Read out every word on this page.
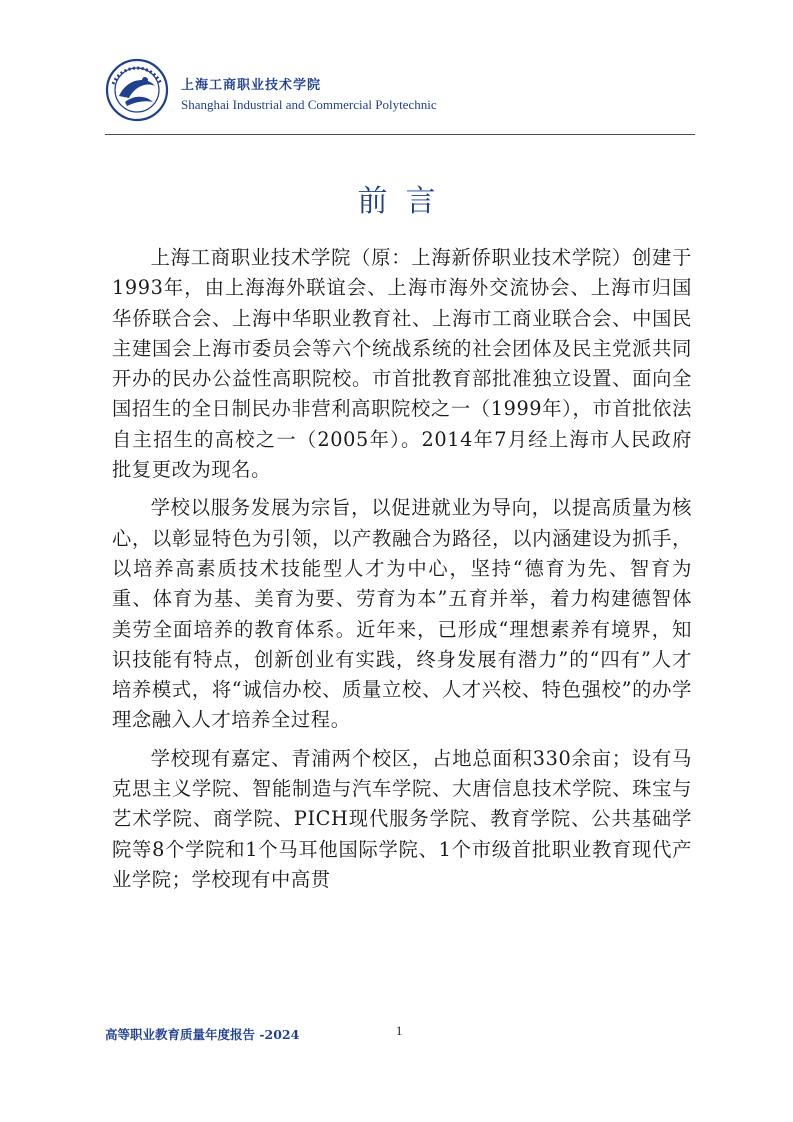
上海工商职业技术学院
Shanghai Industrial and Commercial Polytechnic
前言

上海工商职业技术学院（原：上海新侨职业技术学院）创建于1993年，由上海海外联谊会、上海市海外交流协会、上海市归国华侨联合会、上海中华职业教育社、上海市工商业联合会、中国民主建国会上海市委员会等六个统战系统的社会团体及民主党派共同开办的民办公益性高职院校。市首批教育部批准独立设置、面向全国招生的全日制民办非营利高职院校之一（1999年），市首批依法自主招生的高校之一（2005年）。2014年7月经上海市人民政府批复更改为现名。

学校以服务发展为宗旨，以促进就业为导向，以提高质量为核心，以彰显特色为引领，以产教融合为路径，以内涵建设为抓手，以培养高素质技术技能型人才为中心，坚持“德育为先、智育为重、体育为基、美育为要、劳育为本”五育并举，着力构建德智体美劳全面培养的教育体系。近年来，已形成“理想素养有境界，知识技能有特点，创新创业有实践，终身发展有潜力”的“四有”人才培养模式，将“诚信办校、质量立校、人才兴校、特色强校”的办学理念融入人才培养全过程。

学校现有嘉定、青浦两个校区，占地总面积330余亩；设有马克思主义学院、智能制造与汽车学院、大唐信息技术学院、珠宝与艺术学院、商学院、PICH现代服务学院、教育学院、公共基础学院等8个学院和1个马耳他国际学院、1个市级首批职业教育现代产业学院；学校现有中高贯

高等职业教育质量年度报告 -2024	1
